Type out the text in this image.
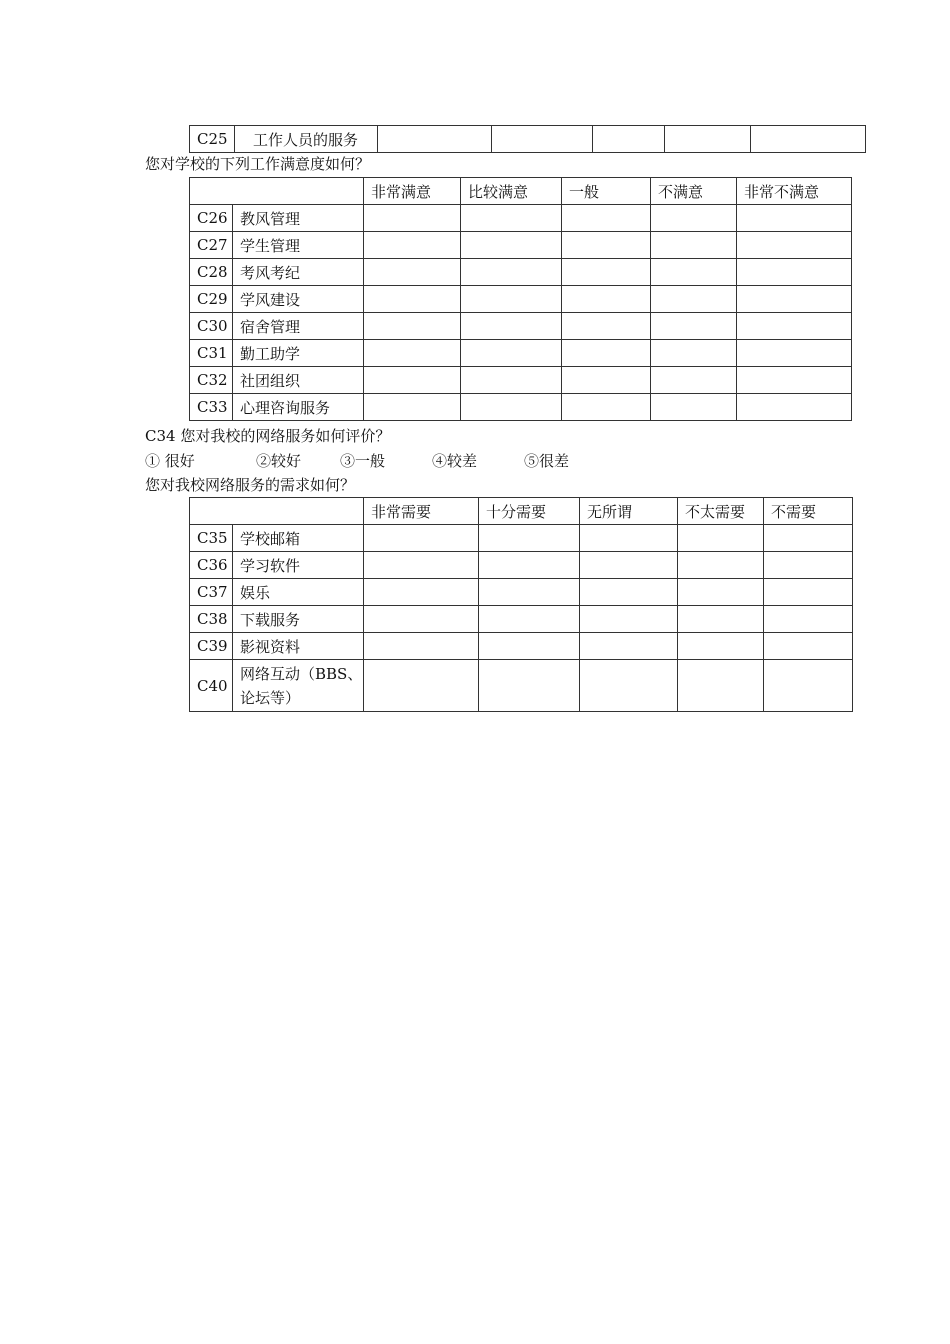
C25	工作人员的服务					
您对学校的下列工作满意度如何？
		非常满意	比较满意	一般	不满意	非常不满意
C26	教风管理					
C27	学生管理					
C28	考风考纪					
C29	学风建设					
C30	宿舍管理					
C31	勤工助学					
C32	社团组织					
C33	心理咨询服务					
C34 您对我校的网络服务如何评价？
① 很好	②较好	③一般	④较差	⑤很差
您对我校网络服务的需求如何？
		非常需要	十分需要	无所谓	不太需要	不需要
C35	学校邮箱					
C36	学习软件					
C37	娱乐					
C38	下载服务					
C39	影视资料					
C40	网络互动（BBS、论坛等）					
